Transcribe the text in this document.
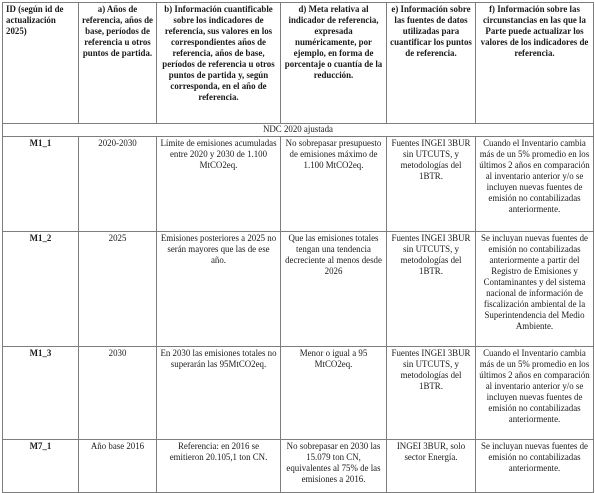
ID (según id de actualización 2025)	a) Años de referencia, años de base, períodos de referencia u otros puntos de partida.	b) Información cuantificable sobre los indicadores de referencia, sus valores en los correspondientes años de referencia, años de base, períodos de referencia u otros puntos de partida y, según corresponda, en el año de referencia.	d) Meta relativa al indicador de referencia, expresada numéricamente, por ejemplo, en forma de porcentaje o cuantía de la reducción.	e) Información sobre las fuentes de datos utilizadas para cuantificar los puntos de referencia.	f) Información sobre las circunstancias en las que la Parte puede actualizar los valores de los indicadores de referencia.
NDC 2020 ajustada					
M1_1	2020-2030	Límite de emisiones acumuladas entre 2020 y 2030 de 1.100 MtCO2eq.	No sobrepasar presupuesto de emisiones máximo de 1.100 MtCO2eq.	Fuentes INGEI 3BUR sin UTCUTS, y metodologías del 1BTR.	Cuando el Inventario cambia más de un 5% promedio en los últimos 2 años en comparación al inventario anterior y/o se incluyen nuevas fuentes de emisión no contabilizadas anteriormente.
M1_2	2025	Emisiones posteriores a 2025 no serán mayores que las de ese año.	Que las emisiones totales tengan una tendencia decreciente al menos desde 2026	Fuentes INGEI 3BUR sin UTCUTS, y metodologías del 1BTR.	Se incluyan nuevas fuentes de emisión no contabilizadas anteriormente a partir del Registro de Emisiones y Contaminantes y del sistema nacional de información de fiscalización ambiental de la Superintendencia del Medio Ambiente.
M1_3	2030	En 2030 las emisiones totales no superarán las 95MtCO2eq.	Menor o igual a 95 MtCO2eq.	Fuentes INGEI 3BUR sin UTCUTS, y metodologías del 1BTR.	Cuando el Inventario cambia más de un 5% promedio en los últimos 2 años en comparación al inventario anterior y/o se incluyen nuevas fuentes de emisión no contabilizadas anteriormente.
M7_1	Año base 2016	Referencia: en 2016 se emitieron 20.105,1 ton CN.	No sobrepasar en 2030 las 15.079 ton CN, equivalentes al 75% de las emisiones a 2016.	INGEI 3BUR, solo sector Energía.	Se incluyan nuevas fuentes de emisión no contabilizadas anteriormente.
